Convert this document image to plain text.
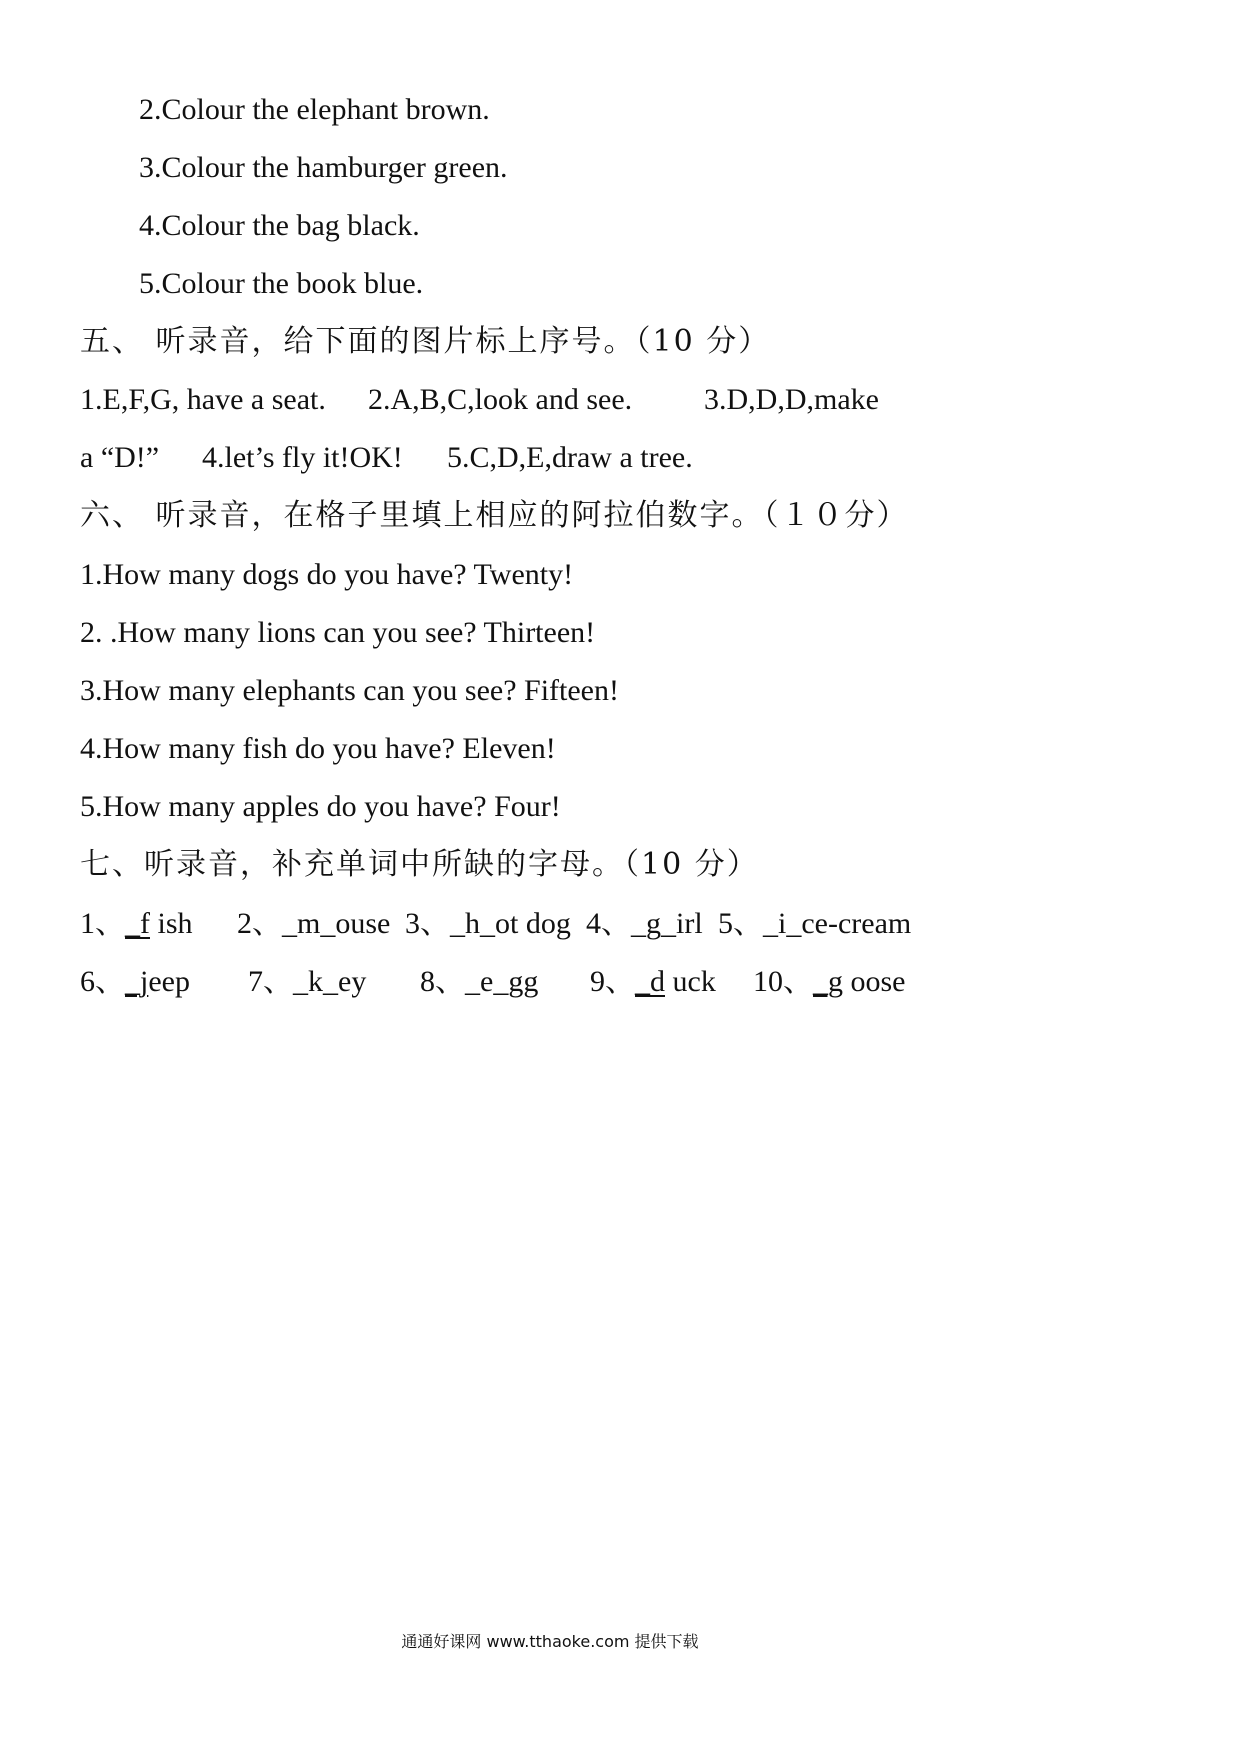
2.Colour the elephant brown.
3.Colour the hamburger green.
4.Colour the bag black.
5.Colour the book blue.
五、 听录音，给下面的图片标上序号。（10 分）

1.E,F,G, have a seat.

2.A,B,C,look and see.

3.D,D,D,make

a “D!”

4.let’s fly it!OK!

5.C,D,E,draw a tree.

六、 听录音，在格子里填上相应的阿拉伯数字。（１０分）
1.How many dogs do you have? Twenty!
2. .How many lions can you see? Thirteen!
3.How many elephants can you see? Fifteen!
4.How many fish do you have? Eleven!
5.How many apples do you have? Four!
七、听录音，补充单词中所缺的字母。（10 分）

1、_f ish

2、_m_ouse

3、_h_ot dog

4、_g_irl

5、_i_ce-cream

6、_jeep

7、_k_ey

8、_e_gg

9、_d uck

10、_g oose

通通好课网 www.tthaoke.com 提供下载
